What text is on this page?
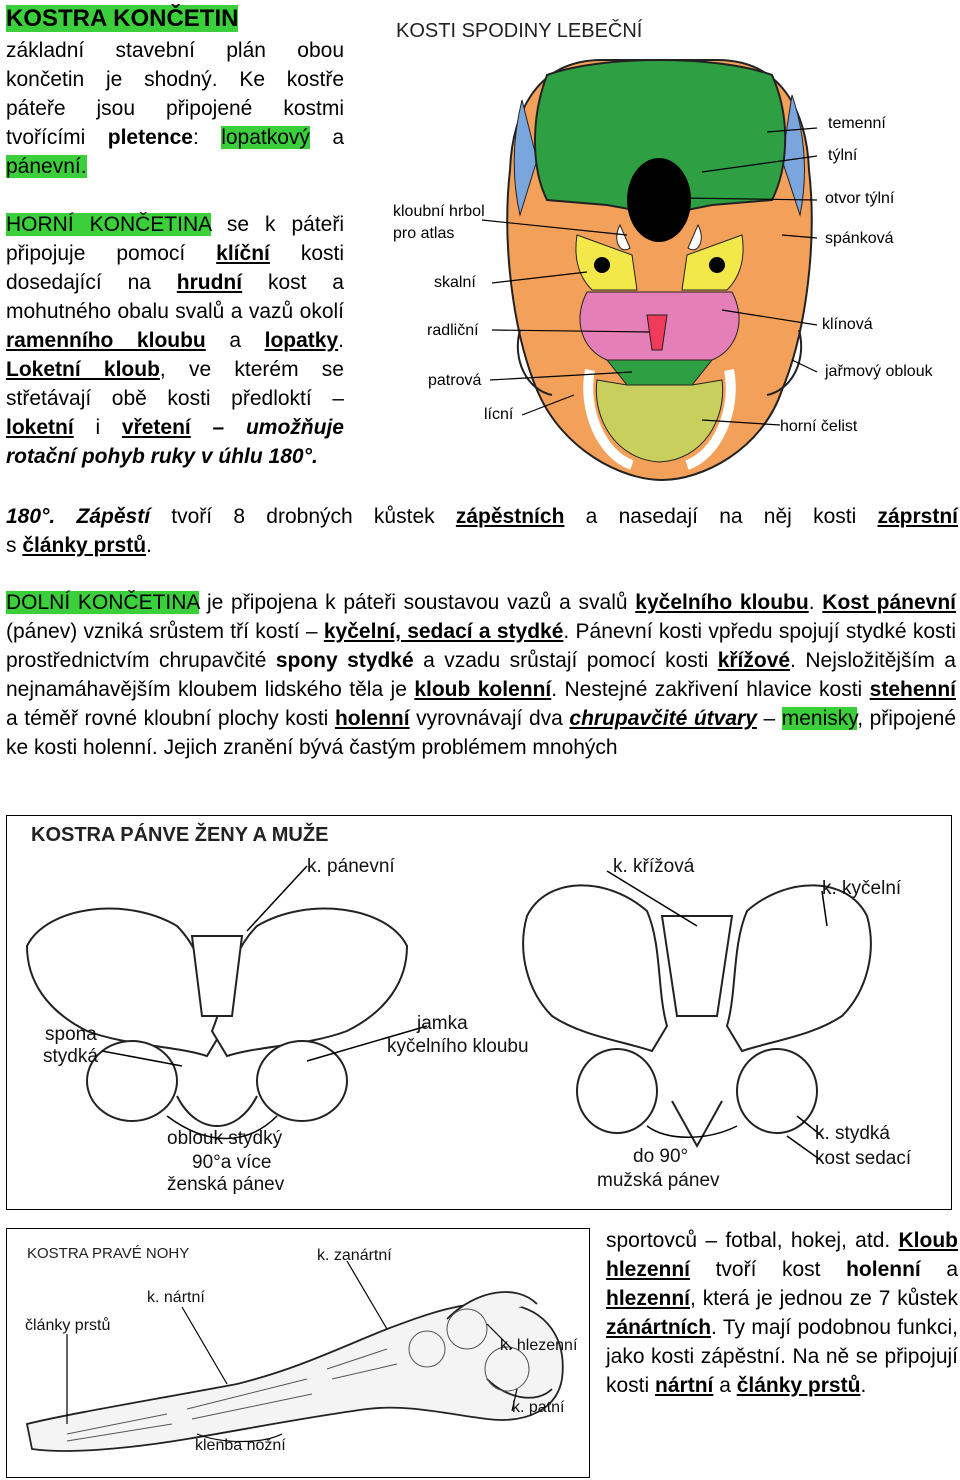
KOSTRA KONČETIN
základní stavební plán obou končetin je shodný. Ke kostře páteře jsou připojené kostmi tvořícími pletence: lopatkový a pánevní.
HORNÍ KONČETINA se k páteři připojuje pomocí klíční kosti dosedající na hrudní kost a mohutného obalu svalů a vazů okolí ramenního kloubu a lopatky. Loketní kloub, ve kterém se střetávají obě kosti předloktí – loketní i vřetení – umožňuje rotační pohyb ruky v úhlu 180°.
180°. Zápěstí tvoří 8 drobných kůstek zápěstních a nasedají na něj kosti záprstní
s články prstů.
KOSTI SPODINY LEBEČNÍ
kloubní hrbol
pro atlas
skalní
radliční
patrová
lícní
temenní
týlní
otvor týlní
spánková
klínová
jařmový oblouk
horní čelist
DOLNÍ KONČETINA je připojena k páteři soustavou vazů a svalů kyčelního kloubu. Kost pánevní (pánev) vzniká srůstem tří kostí – kyčelní, sedací a stydké. Pánevní kosti vpředu spojují stydké kosti prostřednictvím chrupavčité spony stydké a vzadu srůstají pomocí kosti křížové. Nejsložitějším a nejnamáhavějším kloubem lidského těla je kloub kolenní. Nestejné zakřivení hlavice kosti stehenní a téměř rovné kloubní plochy kosti holenní vyrovnávají dva chrupavčité útvary – menisky, připojené ke kosti holenní. Jejich zranění bývá častým problémem mnohých
KOSTRA PÁNVE ŽENY A MUŽE
k. pánevní	k. křížová
k. kyčelní
spona
stydká
jamka
kyčelního kloubu
k. stydká
kost sedací
oblouk stydký
90°a více
ženská pánev
do 90°
mužská pánev
KOSTRA PRAVÉ NOHY	k. zanártní
k. nártní
články prstů
k. hlezenní
k. patní
klenba nožní
sportovců – fotbal, hokej, atd. Kloub hlezenní tvoří kost holenní a hlezenní, která je jednou ze 7 kůstek zánártních. Ty mají podobnou funkci, jako kosti zápěstní. Na ně se připojují kosti nártní a články prstů.
